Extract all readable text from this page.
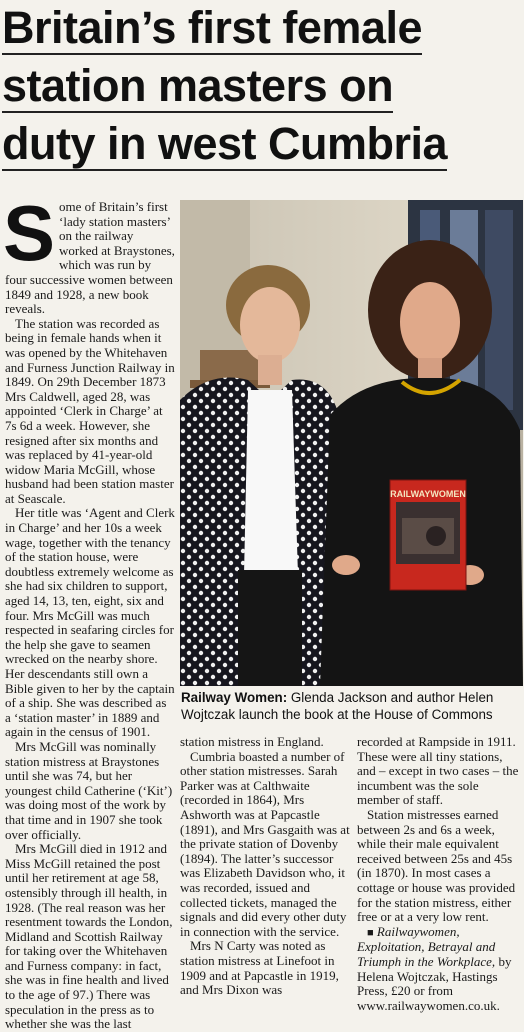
Britain’s first female
station masters on
duty in west Cumbria

Some of Britain’s first ‘lady station masters’ on the railway worked at Braystones, which was run by four successive women between 1849 and 1928, a new book reveals.

The station was recorded as being in female hands when it was opened by the Whitehaven and Furness Junction Railway in 1849. On 29th December 1873 Mrs Caldwell, aged 28, was appointed ‘Clerk in Charge’ at 7s 6d a week. However, she resigned after six months and was replaced by 41-year-old widow Maria McGill, whose husband had been station master at Seascale.

Her title was ‘Agent and Clerk in Charge’ and her 10s a week wage, together with the tenancy of the station house, were doubtless extremely welcome as she had six children to support, aged 14, 13, ten, eight, six and four. Mrs McGill was much respected in seafaring circles for the help she gave to seamen wrecked on the nearby shore. Her descendants still own a Bible given to her by the captain of a ship. She was described as a ‘station master’ in 1889 and again in the census of 1901.

Mrs McGill was nominally station mistress at Braystones until she was 74, but her youngest child Catherine (‘Kit’) was doing most of the work by that time and in 1907 she took over officially.

Mrs McGill died in 1912 and Miss McGill retained the post until her retirement at age 58, ostensibly through ill health, in 1928. (The real reason was her resentment towards the London, Midland and Scottish Railway for taking over the Whitehaven and Furness company: in fact, she was in fine health and lived to the age of 97.) There was speculation in the press as to whether she was the last

RAILWAYWOMEN
Railway Women: Glenda Jackson and author Helen Wojtczak launch the book at the House of Commons

station mistress in England.

Cumbria boasted a number of other station mistresses. Sarah Parker was at Calthwaite (recorded in 1864), Mrs Ashworth was at Papcastle (1891), and Mrs Gasgaith was at the private station of Dovenby (1894). The latter’s successor was Elizabeth Davidson who, it was recorded, issued and collected tickets, managed the signals and did every other duty in connection with the service.

Mrs N Carty was noted as station mistress at Linefoot in 1909 and at Papcastle in 1919, and Mrs Dixon was

recorded at Rampside in 1911. These were all tiny stations, and – except in two cases – the incumbent was the sole member of staff.

Station mistresses earned between 2s and 6s a week, while their male equivalent received between 25s and 45s (in 1870). In most cases a cottage or house was provided for the station mistress, either free or at a very low rent.

■ Railwaywomen, Exploitation, Betrayal and Triumph in the Workplace, by Helena Wojtczak, Hastings Press, £20 or from www.railwaywomen.co.uk.
